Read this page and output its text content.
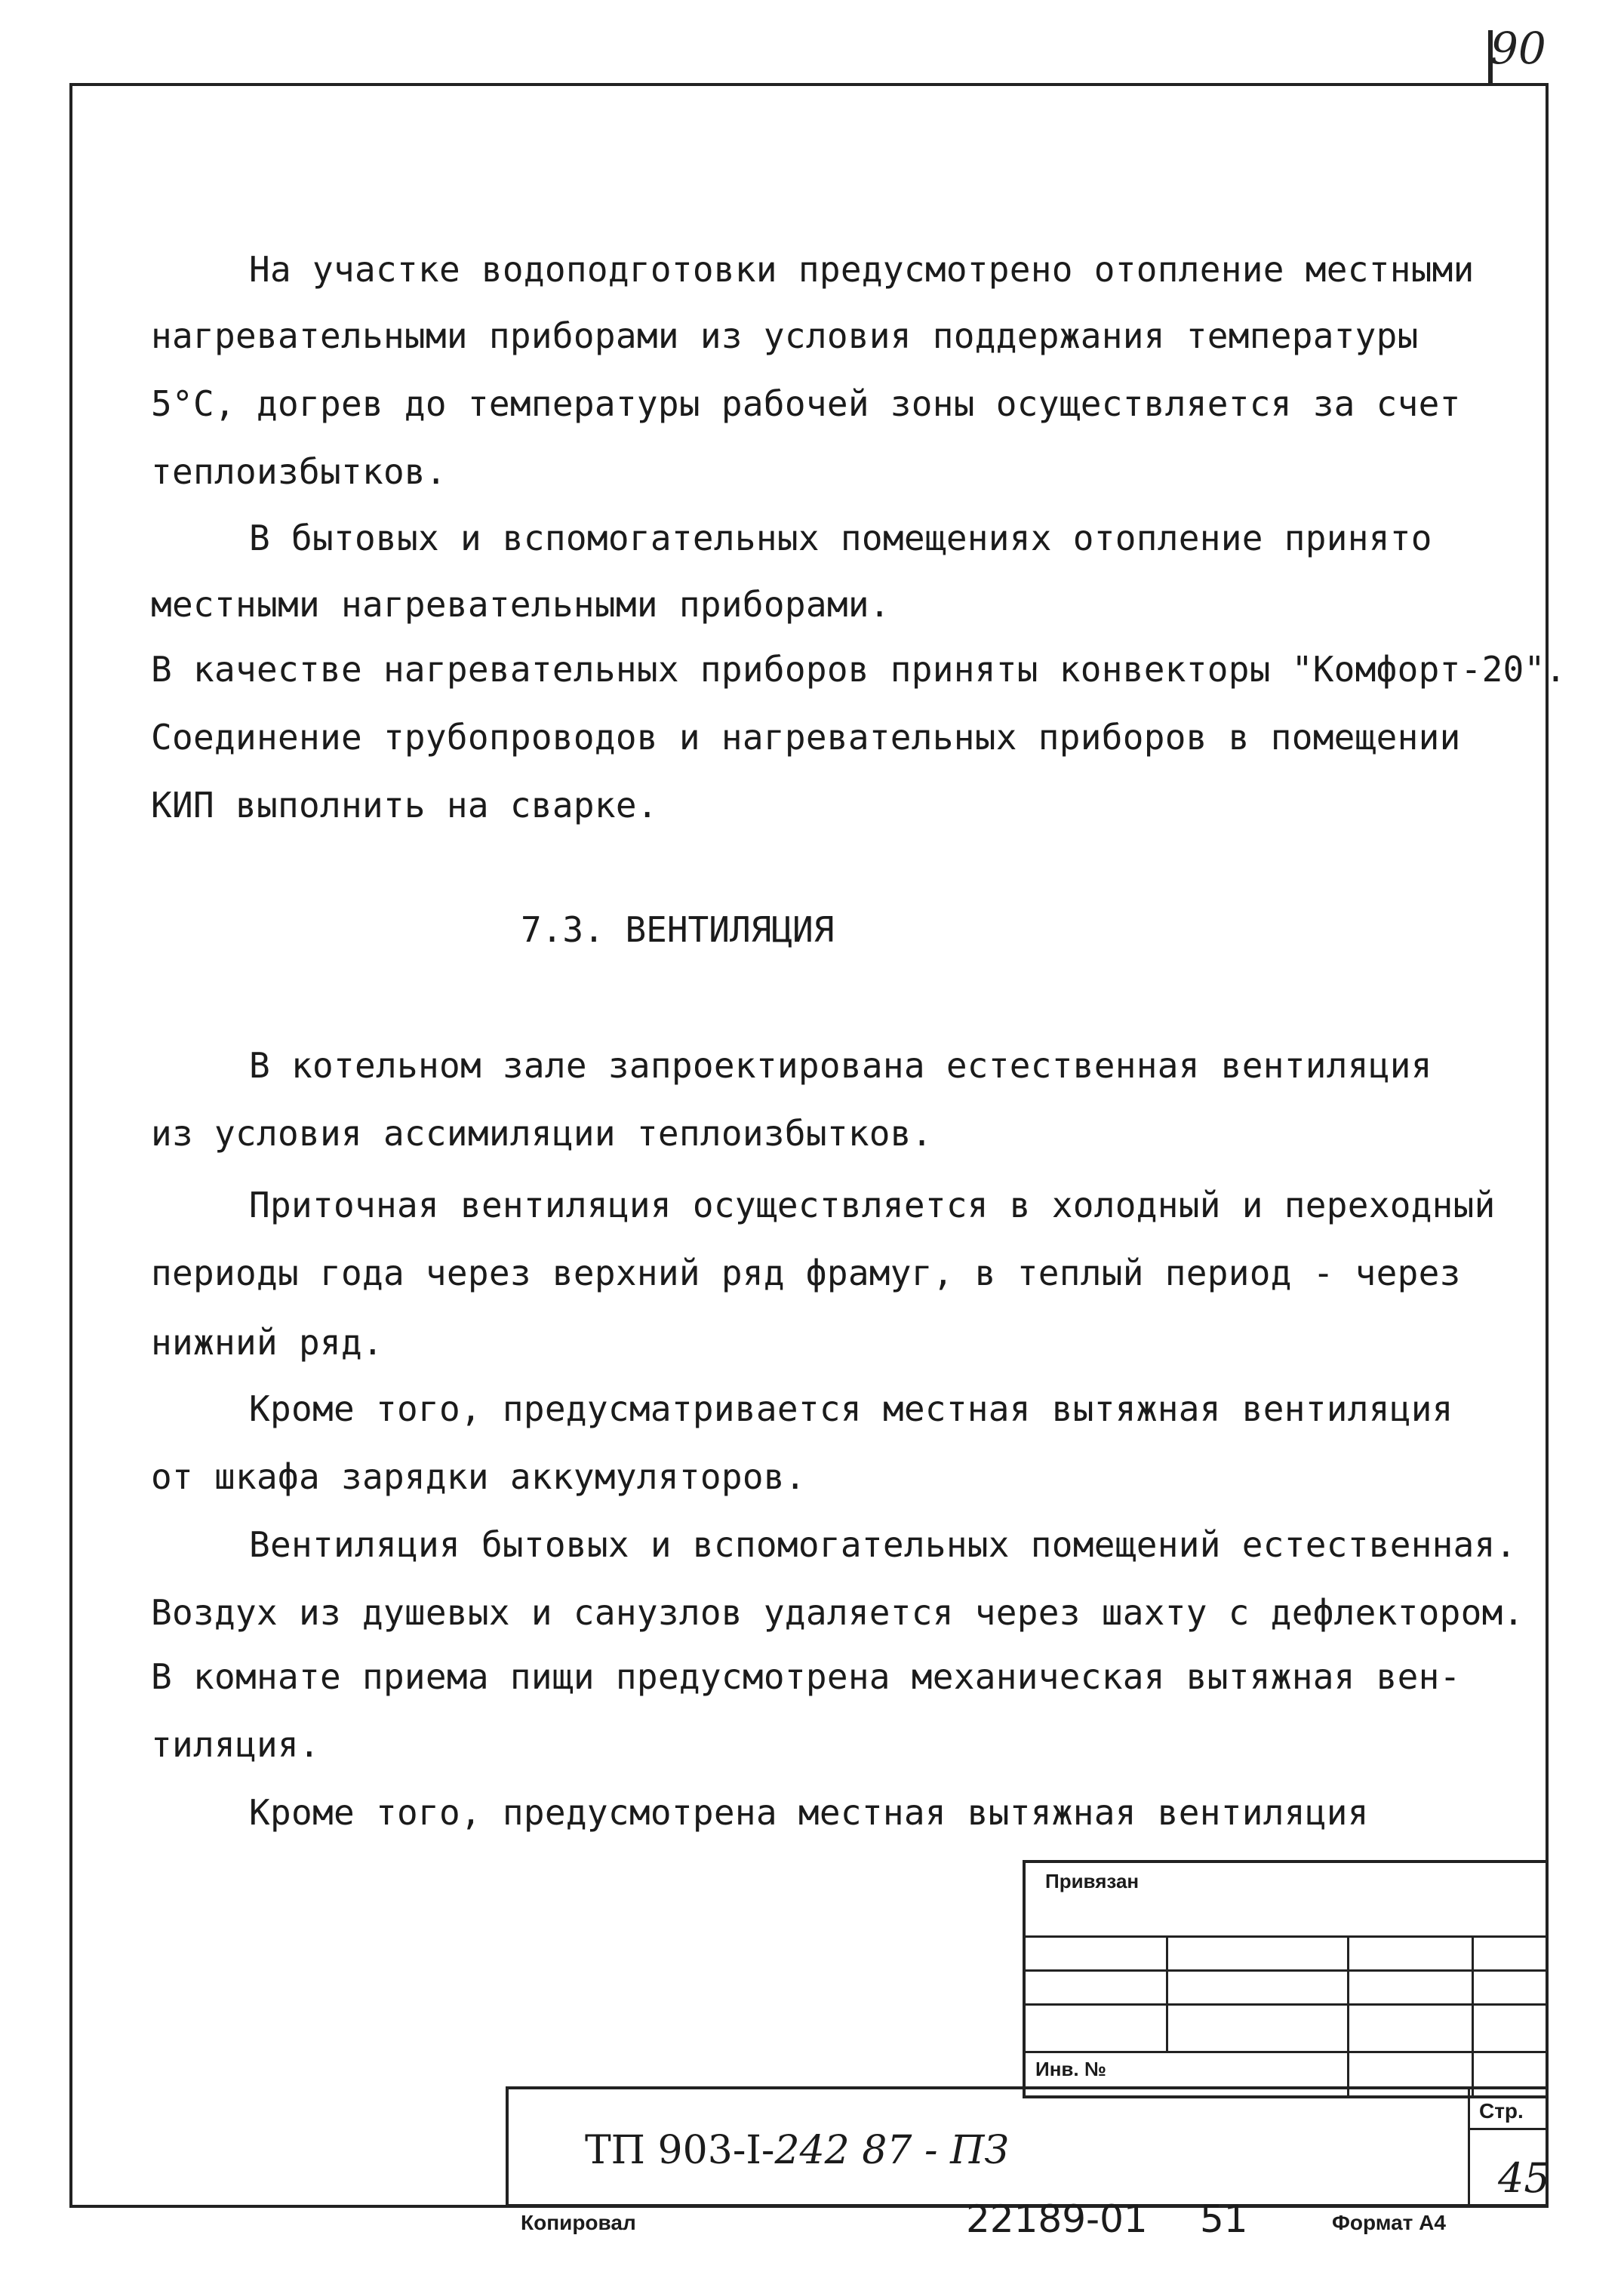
90
На участке водоподготовки предусмотрено отопление местными
нагревательными приборами из условия поддержания температуры
5°С, догрев до температуры рабочей зоны осуществляется за счет
теплоизбытков.
В бытовых и вспомогательных помещениях отопление принято
местными нагревательными приборами.
В качестве нагревательных приборов приняты конвекторы "Комфорт-20".
Соединение трубопроводов и нагревательных приборов в помещении
КИП выполнить на сварке.
В котельном зале запроектирована естественная вентиляция
из условия ассимиляции теплоизбытков.
Приточная вентиляция осуществляется в холодный и переходный
периоды года через верхний ряд фрамуг, в теплый период - через
нижний ряд.
Кроме того, предусматривается местная вытяжная вентиляция
от шкафа зарядки аккумуляторов.
Вентиляция бытовых и вспомогательных помещений естественная.
Воздух из душевых и санузлов удаляется через шахту с дефлектором.
В комнате приема пищи предусмотрена механическая вытяжная вен-
тиляция.
Кроме того, предусмотрена местная вытяжная вентиляция
7.3. ВЕНТИЛЯЦИЯ
Привязан
Инв. №
Стр.
45
ТП 903-I-242 87 - ПЗ
Копировал	22189-01 51	Формат А4
